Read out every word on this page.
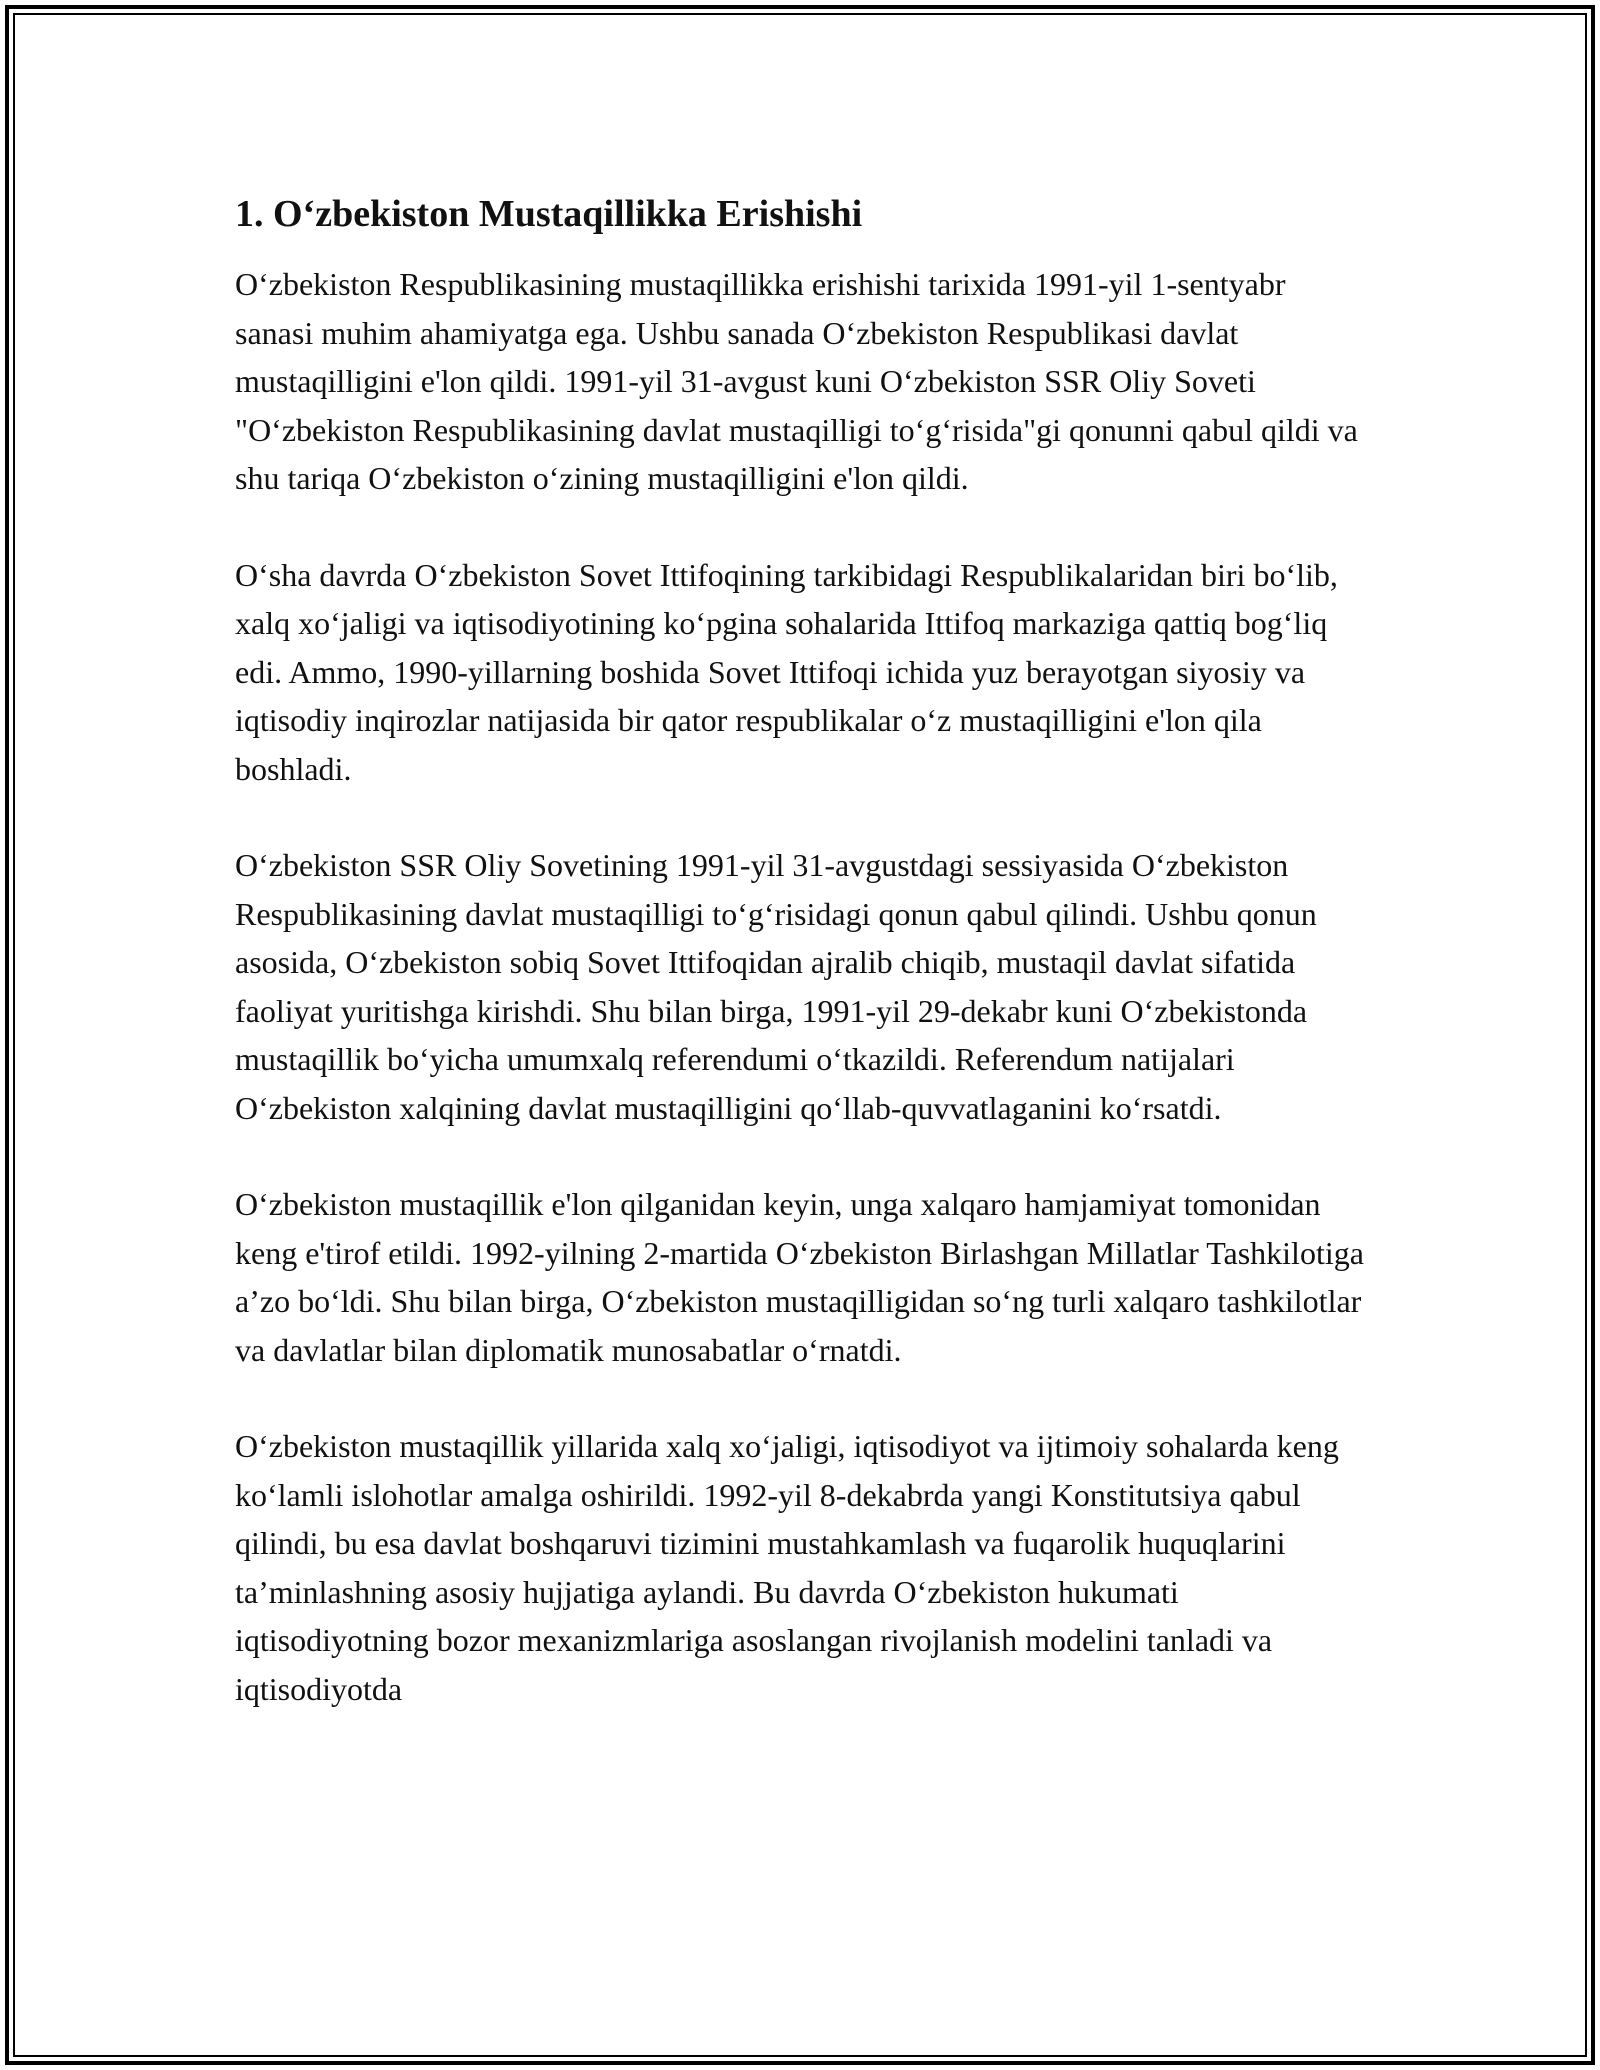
1. O‘zbekiston Mustaqillikka Erishishi

O‘zbekiston Respublikasining mustaqillikka erishishi tarixida 1991-yil 1-sentyabr sanasi muhim ahamiyatga ega. Ushbu sanada O‘zbekiston Respublikasi davlat mustaqilligini e'lon qildi. 1991-yil 31-avgust kuni O‘zbekiston SSR Oliy Soveti "O‘zbekiston Respublikasining davlat mustaqilligi to‘g‘risida"gi qonunni qabul qildi va shu tariqa O‘zbekiston o‘zining mustaqilligini e'lon qildi.

O‘sha davrda O‘zbekiston Sovet Ittifoqining tarkibidagi Respublikalaridan biri bo‘lib, xalq xo‘jaligi va iqtisodiyotining ko‘pgina sohalarida Ittifoq markaziga qattiq bog‘liq edi. Ammo, 1990-yillarning boshida Sovet Ittifoqi ichida yuz berayotgan siyosiy va iqtisodiy inqirozlar natijasida bir qator respublikalar o‘z mustaqilligini e'lon qila boshladi.

O‘zbekiston SSR Oliy Sovetining 1991-yil 31-avgustdagi sessiyasida O‘zbekiston Respublikasining davlat mustaqilligi to‘g‘risidagi qonun qabul qilindi. Ushbu qonun asosida, O‘zbekiston sobiq Sovet Ittifoqidan ajralib chiqib, mustaqil davlat sifatida faoliyat yuritishga kirishdi. Shu bilan birga, 1991-yil 29-dekabr kuni O‘zbekistonda mustaqillik bo‘yicha umumxalq referendumi o‘tkazildi. Referendum natijalari O‘zbekiston xalqining davlat mustaqilligini qo‘llab-quvvatlaganini ko‘rsatdi.

O‘zbekiston mustaqillik e'lon qilganidan keyin, unga xalqaro hamjamiyat tomonidan keng e'tirof etildi. 1992-yilning 2-martida O‘zbekiston Birlashgan Millatlar Tashkilotiga a’zo bo‘ldi. Shu bilan birga, O‘zbekiston mustaqilligidan so‘ng turli xalqaro tashkilotlar va davlatlar bilan diplomatik munosabatlar o‘rnatdi.

O‘zbekiston mustaqillik yillarida xalq xo‘jaligi, iqtisodiyot va ijtimoiy sohalarda keng ko‘lamli islohotlar amalga oshirildi. 1992-yil 8-dekabrda yangi Konstitutsiya qabul qilindi, bu esa davlat boshqaruvi tizimini mustahkamlash va fuqarolik huquqlarini ta’minlashning asosiy hujjatiga aylandi. Bu davrda O‘zbekiston hukumati iqtisodiyotning bozor mexanizmlariga asoslangan rivojlanish modelini tanladi va iqtisodiyotda
